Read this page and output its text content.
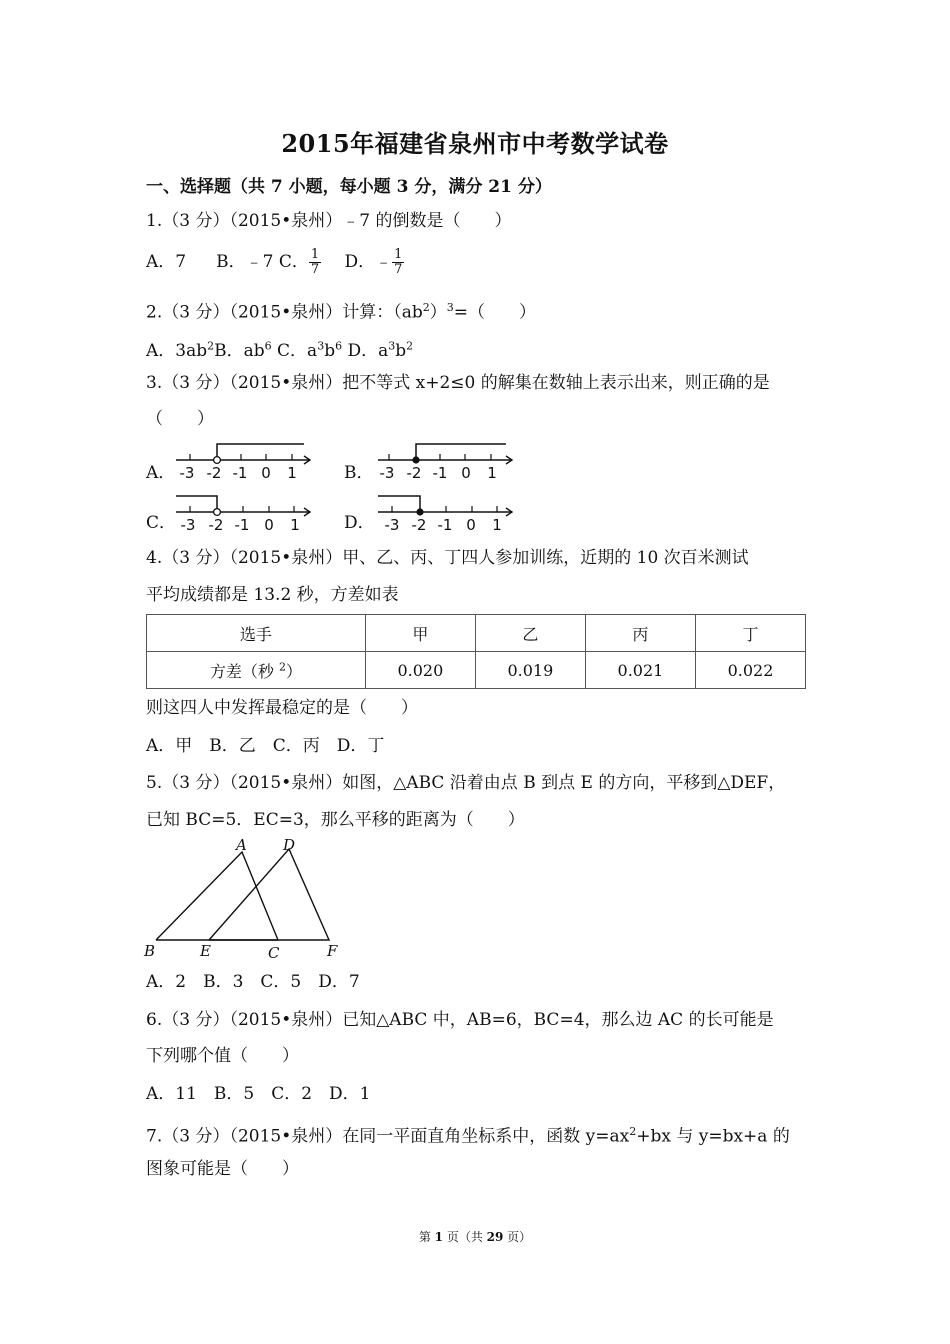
2015年福建省泉州市中考数学试卷
一、选择题（共 7 小题，每小题 3 分，满分 21 分）
1.（3 分）（2015•泉州）﹣7 的倒数是（　　）
A．7 B．﹣7 C． $\frac{1}{7}$ D．﹣ $\frac{1}{7}$
2.（3 分）（2015•泉州）计算：$(ab^2)^3=$（　　）
A．$3ab^2B$．$ab^6$ C．$a^3b^6$ D．$a^3b^2$
3.（3 分）（2015•泉州）把不等式 x+2≤0 的解集在数轴上表示出来，则正确的是
（　　）
A．	B．
C．	D．
-3 -2 -1 0 1	-3 -2 -1 0 1
-3 -2 -1 0 1	-3 -2 -1 0 1
4.（3 分）（2015•泉州）甲、乙、丙、丁四人参加训练，近期的 10 次百米测试
平均成绩都是 13.2 秒，方差如表
选手	甲	乙	丙	丁
方差（秒 $^2$）	0.020	0.019	0.021	0.022
则这四人中发挥最稳定的是（　　）
A．甲　B．乙　C．丙　D．丁
5.（3 分）（2015•泉州）如图，△ABC 沿着由点 B 到点 E 的方向，平移到△DEF，
已知 BC=5．EC=3，那么平移的距离为（　　）
A D
B	E	C	F
A．2　B．3　C．5　D．7
6.（3 分）（2015•泉州）已知△ABC 中，AB=6，BC=4，那么边 AC 的长可能是
下列哪个值（　　）
A．11　B．5　C．2　D．1
7.（3 分）（2015•泉州）在同一平面直角坐标系中，函数 $y=ax^2+bx$ 与 y=bx+a 的
图象可能是（　　）
第 1 页（共 29 页）
